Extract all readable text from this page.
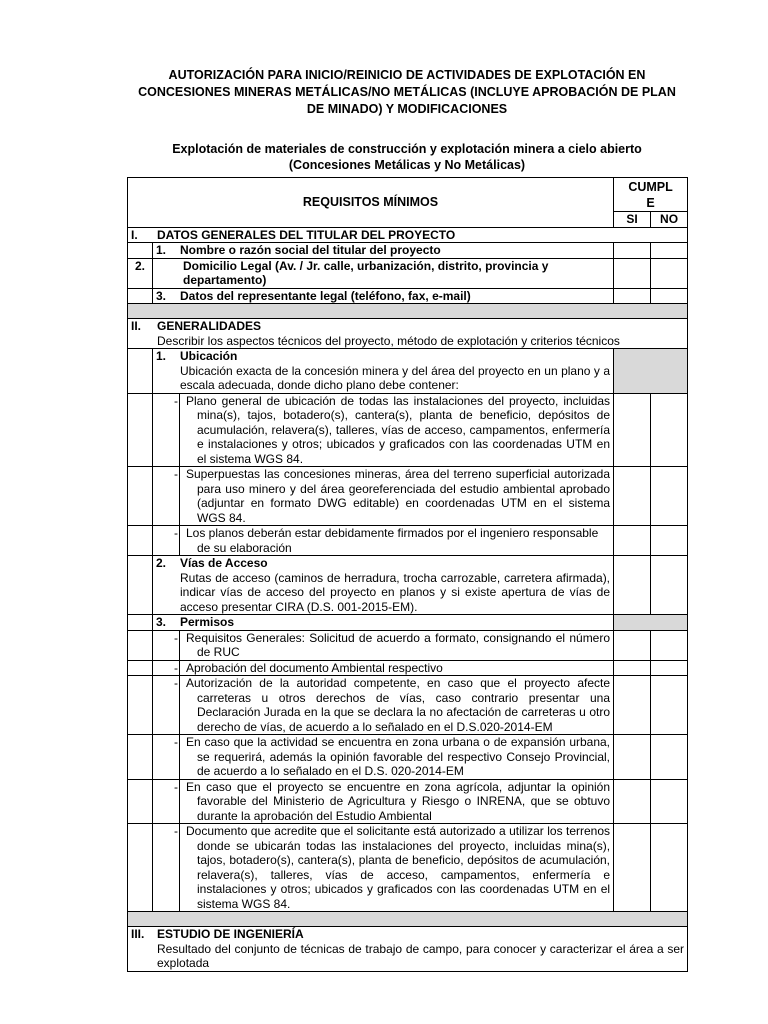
AUTORIZACIÓN PARA INICIO/REINICIO DE ACTIVIDADES DE EXPLOTACIÓN EN CONCESIONES MINERAS METÁLICAS/NO METÁLICAS (INCLUYE APROBACIÓN DE PLAN DE MINADO) Y MODIFICACIONES
Explotación de materiales de construcción y explotación minera a cielo abierto
(Concesiones Metálicas y No Metálicas)
REQUISITOS MÍNIMOS			CUMPL
E	

			SI	NO
I. DATOS GENERALES DEL TITULAR DEL PROYECTO				
	1. Nombre o razón social del titular del proyecto			

	2. Domicilio Legal (Av. / Jr. calle, urbanización, distrito, provincia y departamento)			

	3. Datos del representante legal (teléfono, fax, e-mail)			

II. GENERALIDADES
Describir los aspectos técnicos del proyecto, método de explotación y criterios técnicos				

	1. Ubicación
Ubicación exacta de la concesión minera y del área del proyecto en un plano y a escala adecuada, donde dicho plano debe contener:			

	-	Plano general de ubicación de todas las instalaciones del proyecto, incluidas mina(s), tajos, botadero(s), cantera(s), planta de beneficio, depósitos de acumulación, relavera(s), talleres, vías de acceso, campamentos, enfermería e instalaciones y otros; ubicados y graficados con las coordenadas UTM en el sistema WGS 84.		

	-	Superpuestas las concesiones mineras, área del terreno superficial autorizada para uso minero y del área georeferenciada del estudio ambiental aprobado (adjuntar en formato DWG editable) en coordenadas UTM en el sistema WGS 84.		

	-	Los planos deberán estar debidamente firmados por el ingeniero responsable de su elaboración		

	2. Vías de Acceso
Rutas de acceso (caminos de herradura, trocha carrozable, carretera afirmada), indicar vías de acceso del proyecto en planos y si existe apertura de vías de acceso presentar CIRA (D.S. 001-2015-EM).			

	3. Permisos			
	-	Requisitos Generales: Solicitud de acuerdo a formato, consignando el número de RUC		

	-	Aprobación del documento Ambiental respectivo		

	-	Autorización de la autoridad competente, en caso que el proyecto afecte carreteras u otros derechos de vías, caso contrario presentar una Declaración Jurada en la que se declara la no afectación de carreteras u otro derecho de vías, de acuerdo a lo señalado en el D.S.020-2014-EM		

	-	En caso que la actividad se encuentra en zona urbana o de expansión urbana, se requerirá, además la opinión favorable del respectivo Consejo Provincial, de acuerdo a lo señalado en el D.S. 020-2014-EM		

	-	En caso que el proyecto se encuentre en zona agrícola, adjuntar la opinión favorable del Ministerio de Agricultura y Riesgo o INRENA, que se obtuvo durante la aprobación del Estudio Ambiental		

	-	Documento que acredite que el solicitante está autorizado a utilizar los terrenos donde se ubicarán todas las instalaciones del proyecto, incluidas mina(s), tajos, botadero(s), cantera(s), planta de beneficio, depósitos de acumulación, relavera(s), talleres, vías de acceso, campamentos, enfermería e instalaciones y otros; ubicados y graficados con las coordenadas UTM en el sistema WGS 84.		

III. ESTUDIO DE INGENIERÍA
Resultado del conjunto de técnicas de trabajo de campo, para conocer y caracterizar el área a ser explotada				
